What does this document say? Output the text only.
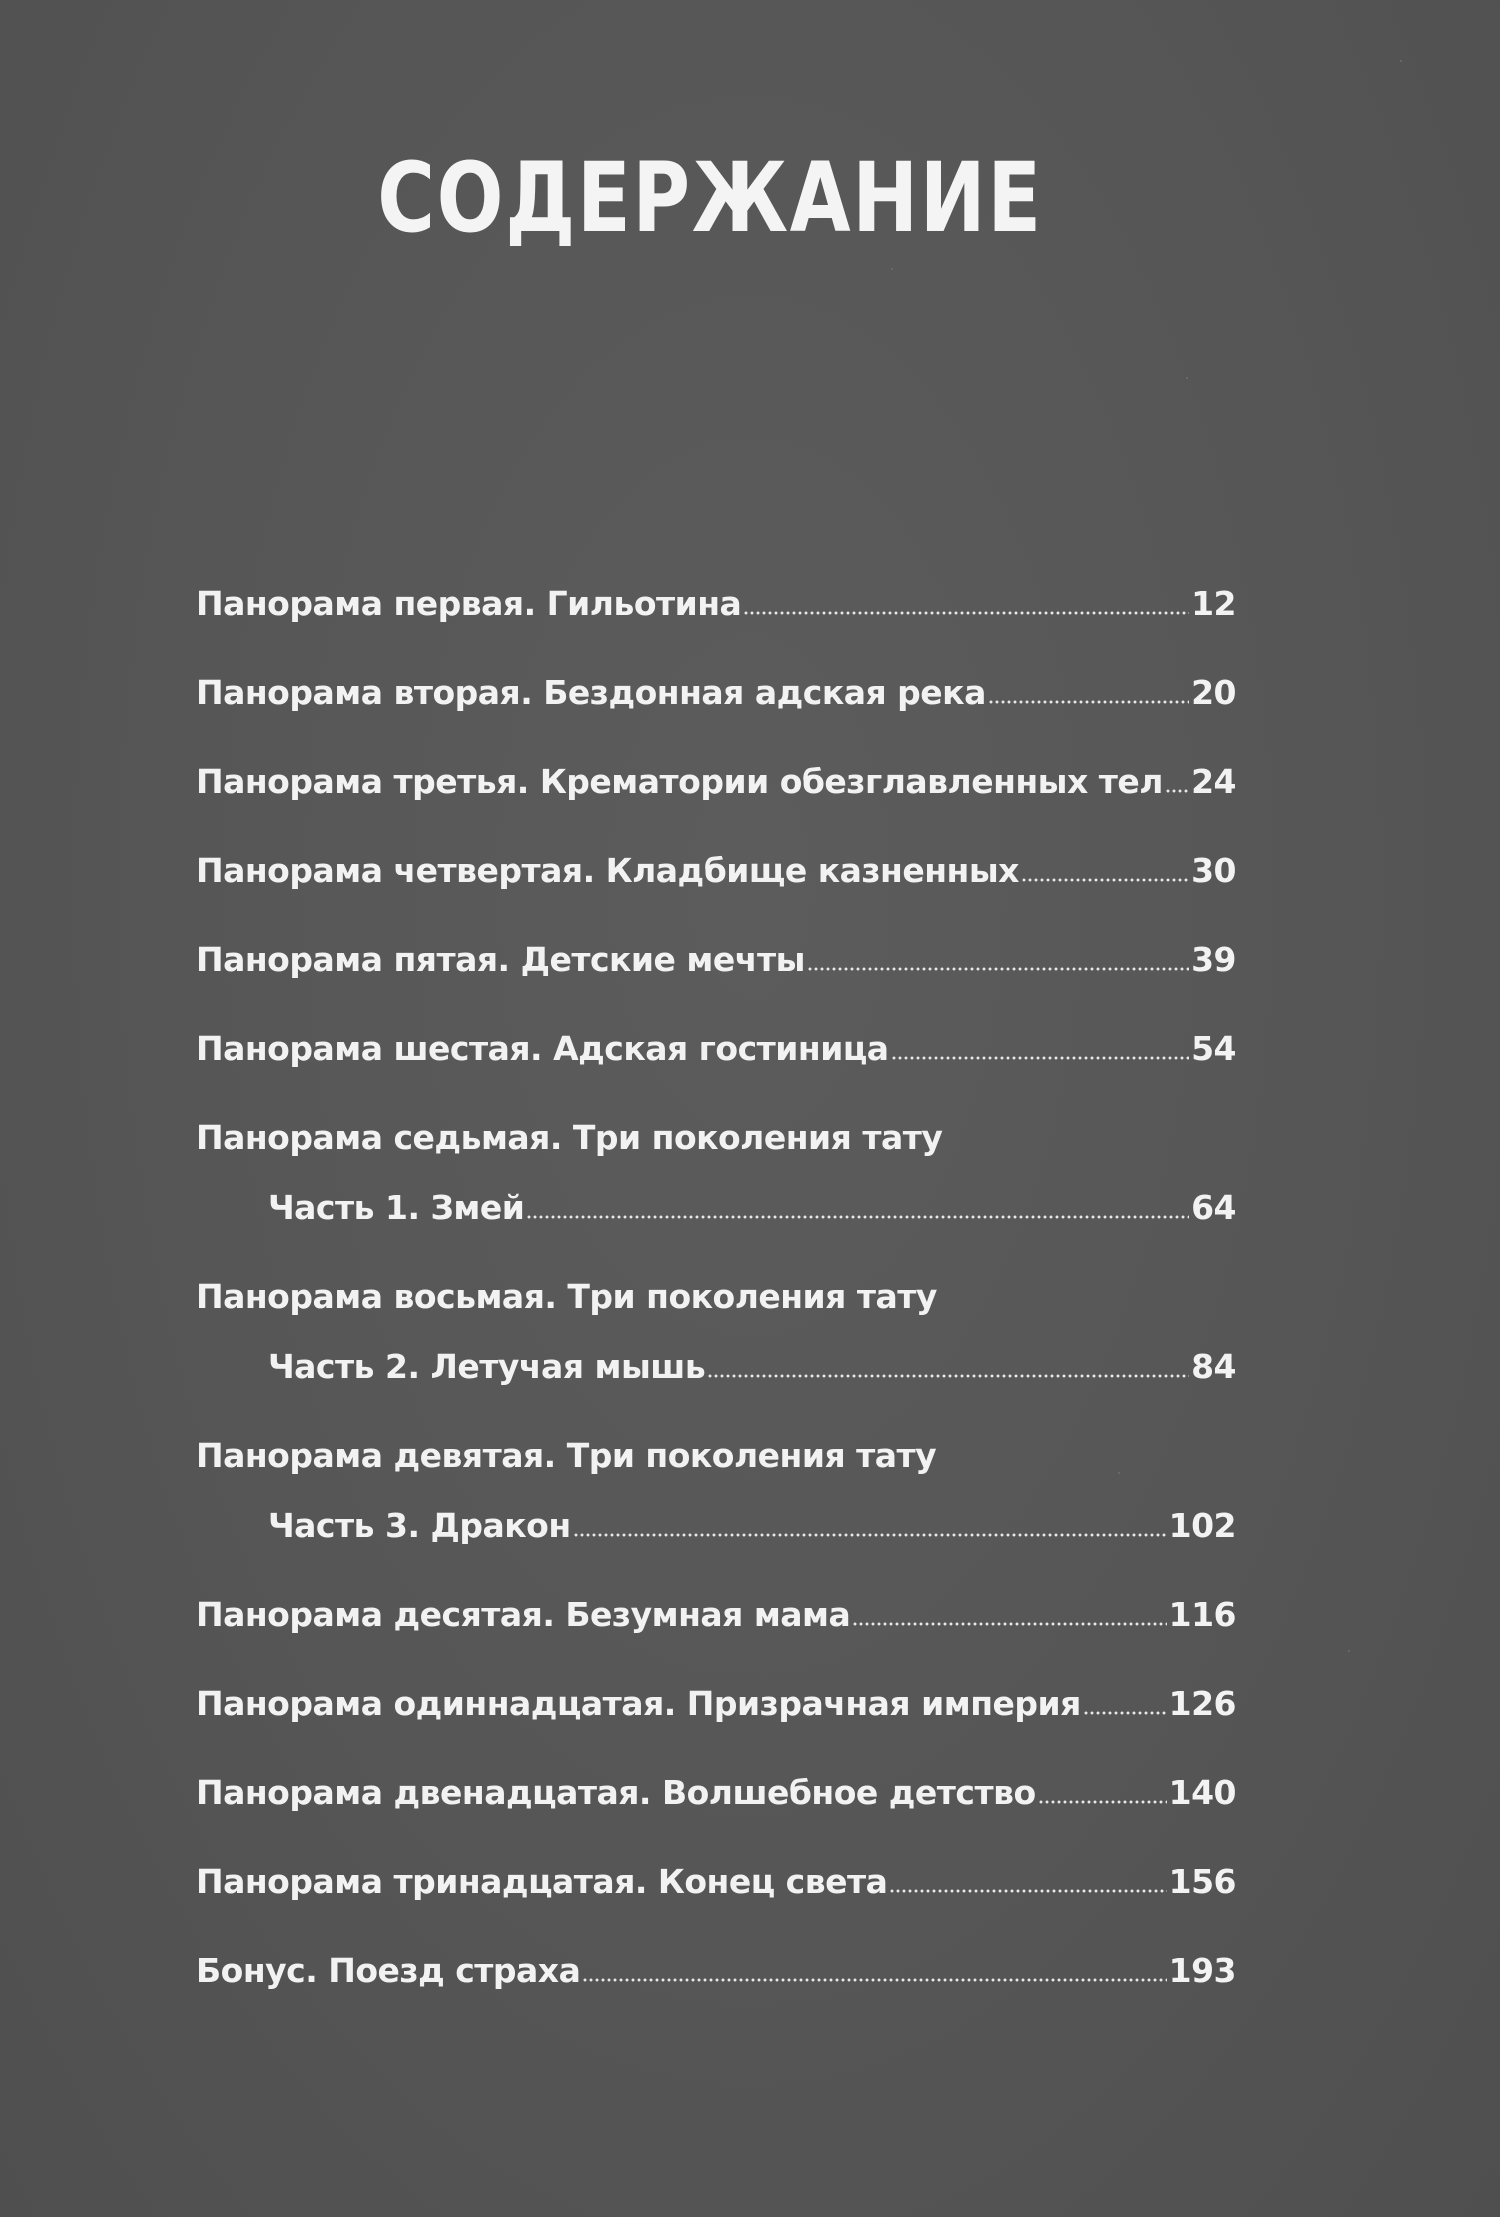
СОДЕРЖАНИЕ
Панорама первая. Гильотина	12
Панорама вторая. Бездонная адская река	20
Панорама третья. Крематории обезглавленных тел 24
Панорама четвертая. Кладбище казненных	30
Панорама пятая. Детские мечты	39
Панорама шестая. Адская гостиница	54
Панорама седьмая. Три поколения тату
Часть 1. Змей	64
Панорама восьмая. Три поколения тату
Часть 2. Летучая мышь	84
Панорама девятая. Три поколения тату
Часть 3. Дракон	102
Панорама десятая. Безумная мама	116
Панорама одиннадцатая. Призрачная империя	126
Панорама двенадцатая. Волшебное детство	140
Панорама тринадцатая. Конец света	156
Бонус. Поезд страха	193
